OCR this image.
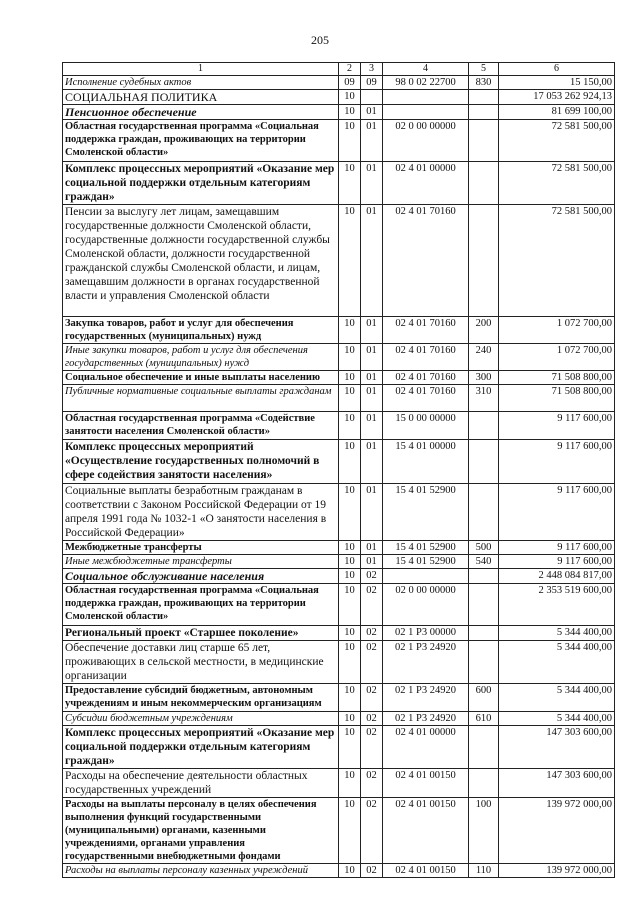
205
1	2	3	4	5	6
Исполнение судебных актов	09	09	98 0 02 22700	830	15 150,00
СОЦИАЛЬНАЯ ПОЛИТИКА	10				17 053 262 924,13
Пенсионное обеспечение	10	01			81 699 100,00
Областная государственная программа «Социальная поддержка граждан, проживающих на территории Смоленской области»	10	01	02 0 00 00000		72 581 500,00
Комплекс процессных мероприятий «Оказание мер социальной поддержки отдельным категориям граждан»	10	01	02 4 01 00000		72 581 500,00
Пенсии за выслугу лет лицам, замещавшим государственные должности Смоленской области, государственные должности государственной службы Смоленской области, должности государственной гражданской службы Смоленской области, и лицам, замещавшим должности в органах государственной власти и управления Смоленской области	10	01	02 4 01 70160		72 581 500,00
Закупка товаров, работ и услуг для обеспечения государственных (муниципальных) нужд	10	01	02 4 01 70160	200	1 072 700,00
Иные закупки товаров, работ и услуг для обеспечения государственных (муниципальных) нужд	10	01	02 4 01 70160	240	1 072 700,00
Социальное обеспечение и иные выплаты населению	10	01	02 4 01 70160	300	71 508 800,00
Публичные нормативные социальные выплаты гражданам	10	01	02 4 01 70160	310	71 508 800,00
Областная государственная программа «Содействие занятости населения Смоленской области»	10	01	15 0 00 00000		9 117 600,00
Комплекс процессных мероприятий «Осуществление государственных полномочий в сфере содействия занятости населения»	10	01	15 4 01 00000		9 117 600,00
Социальные выплаты безработным гражданам в соответствии с Законом Российской Федерации от 19 апреля 1991 года № 1032-1 «О занятости населения в Российской Федерации»	10	01	15 4 01 52900		9 117 600,00
Межбюджетные трансферты	10	01	15 4 01 52900	500	9 117 600,00
Иные межбюджетные трансферты	10	01	15 4 01 52900	540	9 117 600,00
Социальное обслуживание населения	10	02			2 448 084 817,00
Областная государственная программа «Социальная поддержка граждан, проживающих на территории Смоленской области»	10	02	02 0 00 00000		2 353 519 600,00
Региональный проект «Старшее поколение»	10	02	02 1 Р3 00000		5 344 400,00
Обеспечение доставки лиц старше 65 лет, проживающих в сельской местности, в медицинские организации	10	02	02 1 Р3 24920		5 344 400,00
Предоставление субсидий бюджетным, автономным учреждениям и иным некоммерческим организациям	10	02	02 1 Р3 24920	600	5 344 400,00
Субсидии бюджетным учреждениям	10	02	02 1 Р3 24920	610	5 344 400,00
Комплекс процессных мероприятий «Оказание мер социальной поддержки отдельным категориям граждан»	10	02	02 4 01 00000		147 303 600,00
Расходы на обеспечение деятельности областных государственных учреждений	10	02	02 4 01 00150		147 303 600,00
Расходы на выплаты персоналу в целях обеспечения выполнения функций государственными (муниципальными) органами, казенными учреждениями, органами управления государственными внебюджетными фондами	10	02	02 4 01 00150	100	139 972 000,00
Расходы на выплаты персоналу казенных учреждений	10	02	02 4 01 00150	110	139 972 000,00
